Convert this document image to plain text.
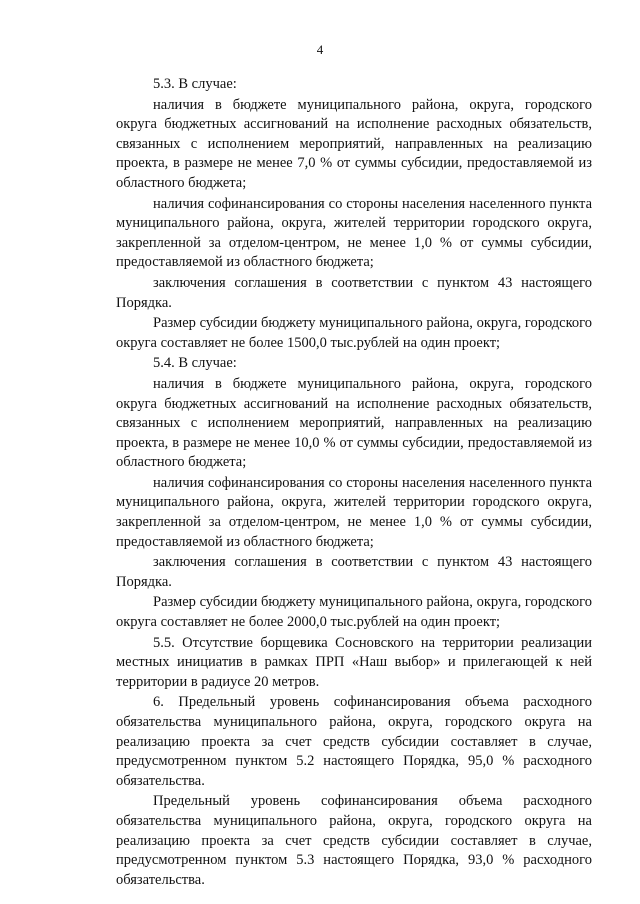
4

5.3. В случае:

наличия в бюджете муниципального района, округа, городского округа бюджетных ассигнований на исполнение расходных обязательств, связанных с исполнением мероприятий, направленных на реализацию проекта, в размере не менее 7,0 % от суммы субсидии, предоставляемой из областного бюджета;

наличия софинансирования со стороны населения населенного пункта муниципального района, округа, жителей территории городского округа, закрепленной за отделом-центром, не менее 1,0 % от суммы субсидии, предоставляемой из областного бюджета;

заключения соглашения в соответствии с пунктом 43 настоящего Порядка.

Размер субсидии бюджету муниципального района, округа, городского округа составляет не более 1500,0 тыс.рублей на один проект;

5.4. В случае:

наличия в бюджете муниципального района, округа, городского округа бюджетных ассигнований на исполнение расходных обязательств, связанных с исполнением мероприятий, направленных на реализацию проекта, в размере не менее 10,0 % от суммы субсидии, предоставляемой из областного бюджета;

наличия софинансирования со стороны населения населенного пункта муниципального района, округа, жителей территории городского округа, закрепленной за отделом-центром, не менее 1,0 % от суммы субсидии, предоставляемой из областного бюджета;

заключения соглашения в соответствии с пунктом 43 настоящего Порядка.

Размер субсидии бюджету муниципального района, округа, городского округа составляет не более 2000,0 тыс.рублей на один проект;

5.5. Отсутствие борщевика Сосновского на территории реализации местных инициатив в рамках ПРП «Наш выбор» и прилегающей к ней территории в радиусе 20 метров.

6. Предельный уровень софинансирования объема расходного обязательства муниципального района, округа, городского округа на реализацию проекта за счет средств субсидии составляет в случае, предусмотренном пунктом 5.2 настоящего Порядка, 95,0 % расходного обязательства.

Предельный уровень софинансирования объема расходного обязательства муниципального района, округа, городского округа на реализацию проекта за счет средств субсидии составляет в случае, предусмотренном пунктом 5.3 настоящего Порядка, 93,0 % расходного обязательства.
